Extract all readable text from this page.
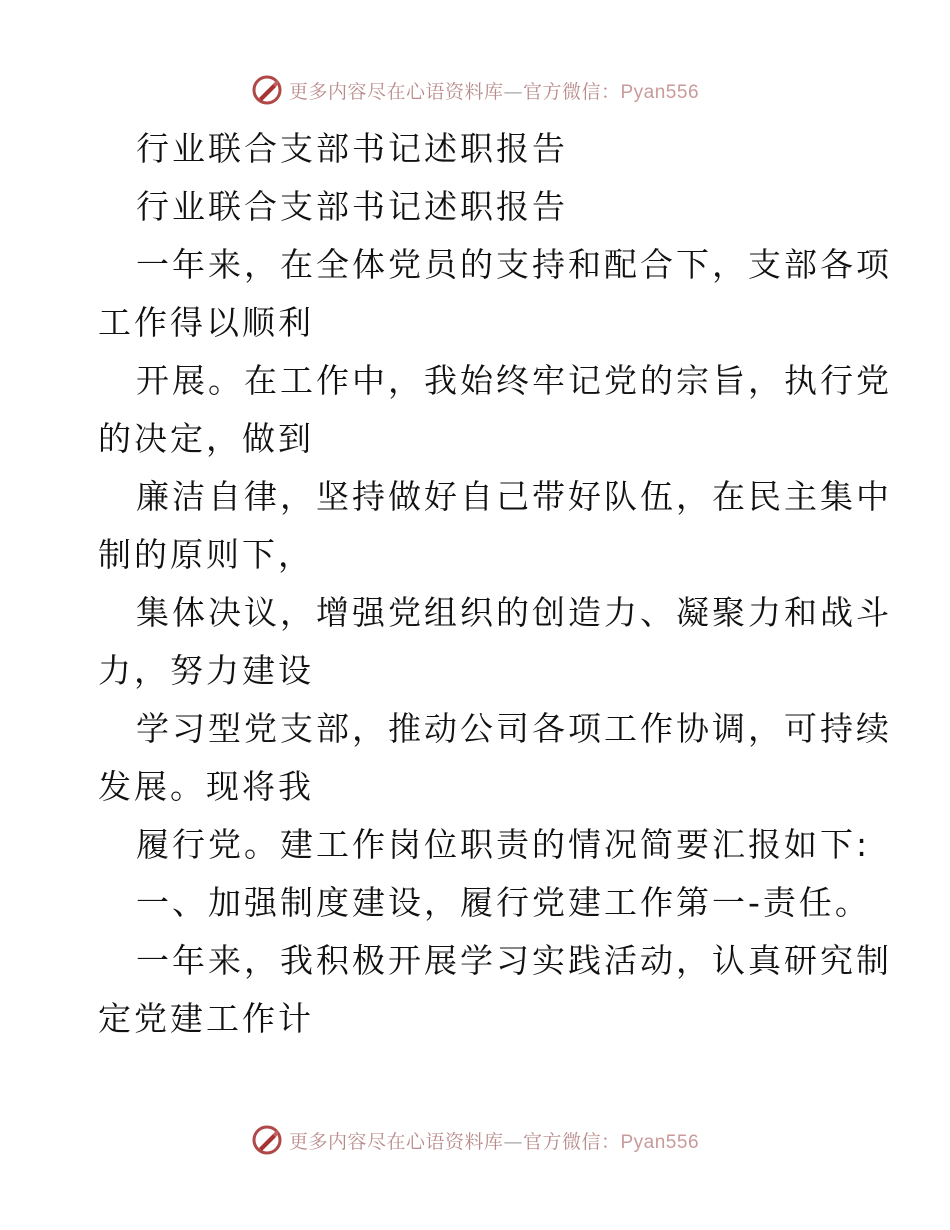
更多内容尽在心语资料库—官方微信：Pyan556

行业联合支部书记述职报告

行业联合支部书记述职报告

一年来，在全体党员的支持和配合下，支部各项

工作得以顺利

开展。在工作中，我始终牢记党的宗旨，执行党

的决定，做到

廉洁自律，坚持做好自己带好队伍，在民主集中

制的原则下，

集体决议，增强党组织的创造力、凝聚力和战斗

力，努力建设

学习型党支部，推动公司各项工作协调，可持续

发展。现将我

履行党。建工作岗位职责的情况简要汇报如下:

一、加强制度建设，履行党建工作第一-责任。

一年来，我积极开展学习实践活动，认真研究制

定党建工作计

更多内容尽在心语资料库—官方微信：Pyan556
